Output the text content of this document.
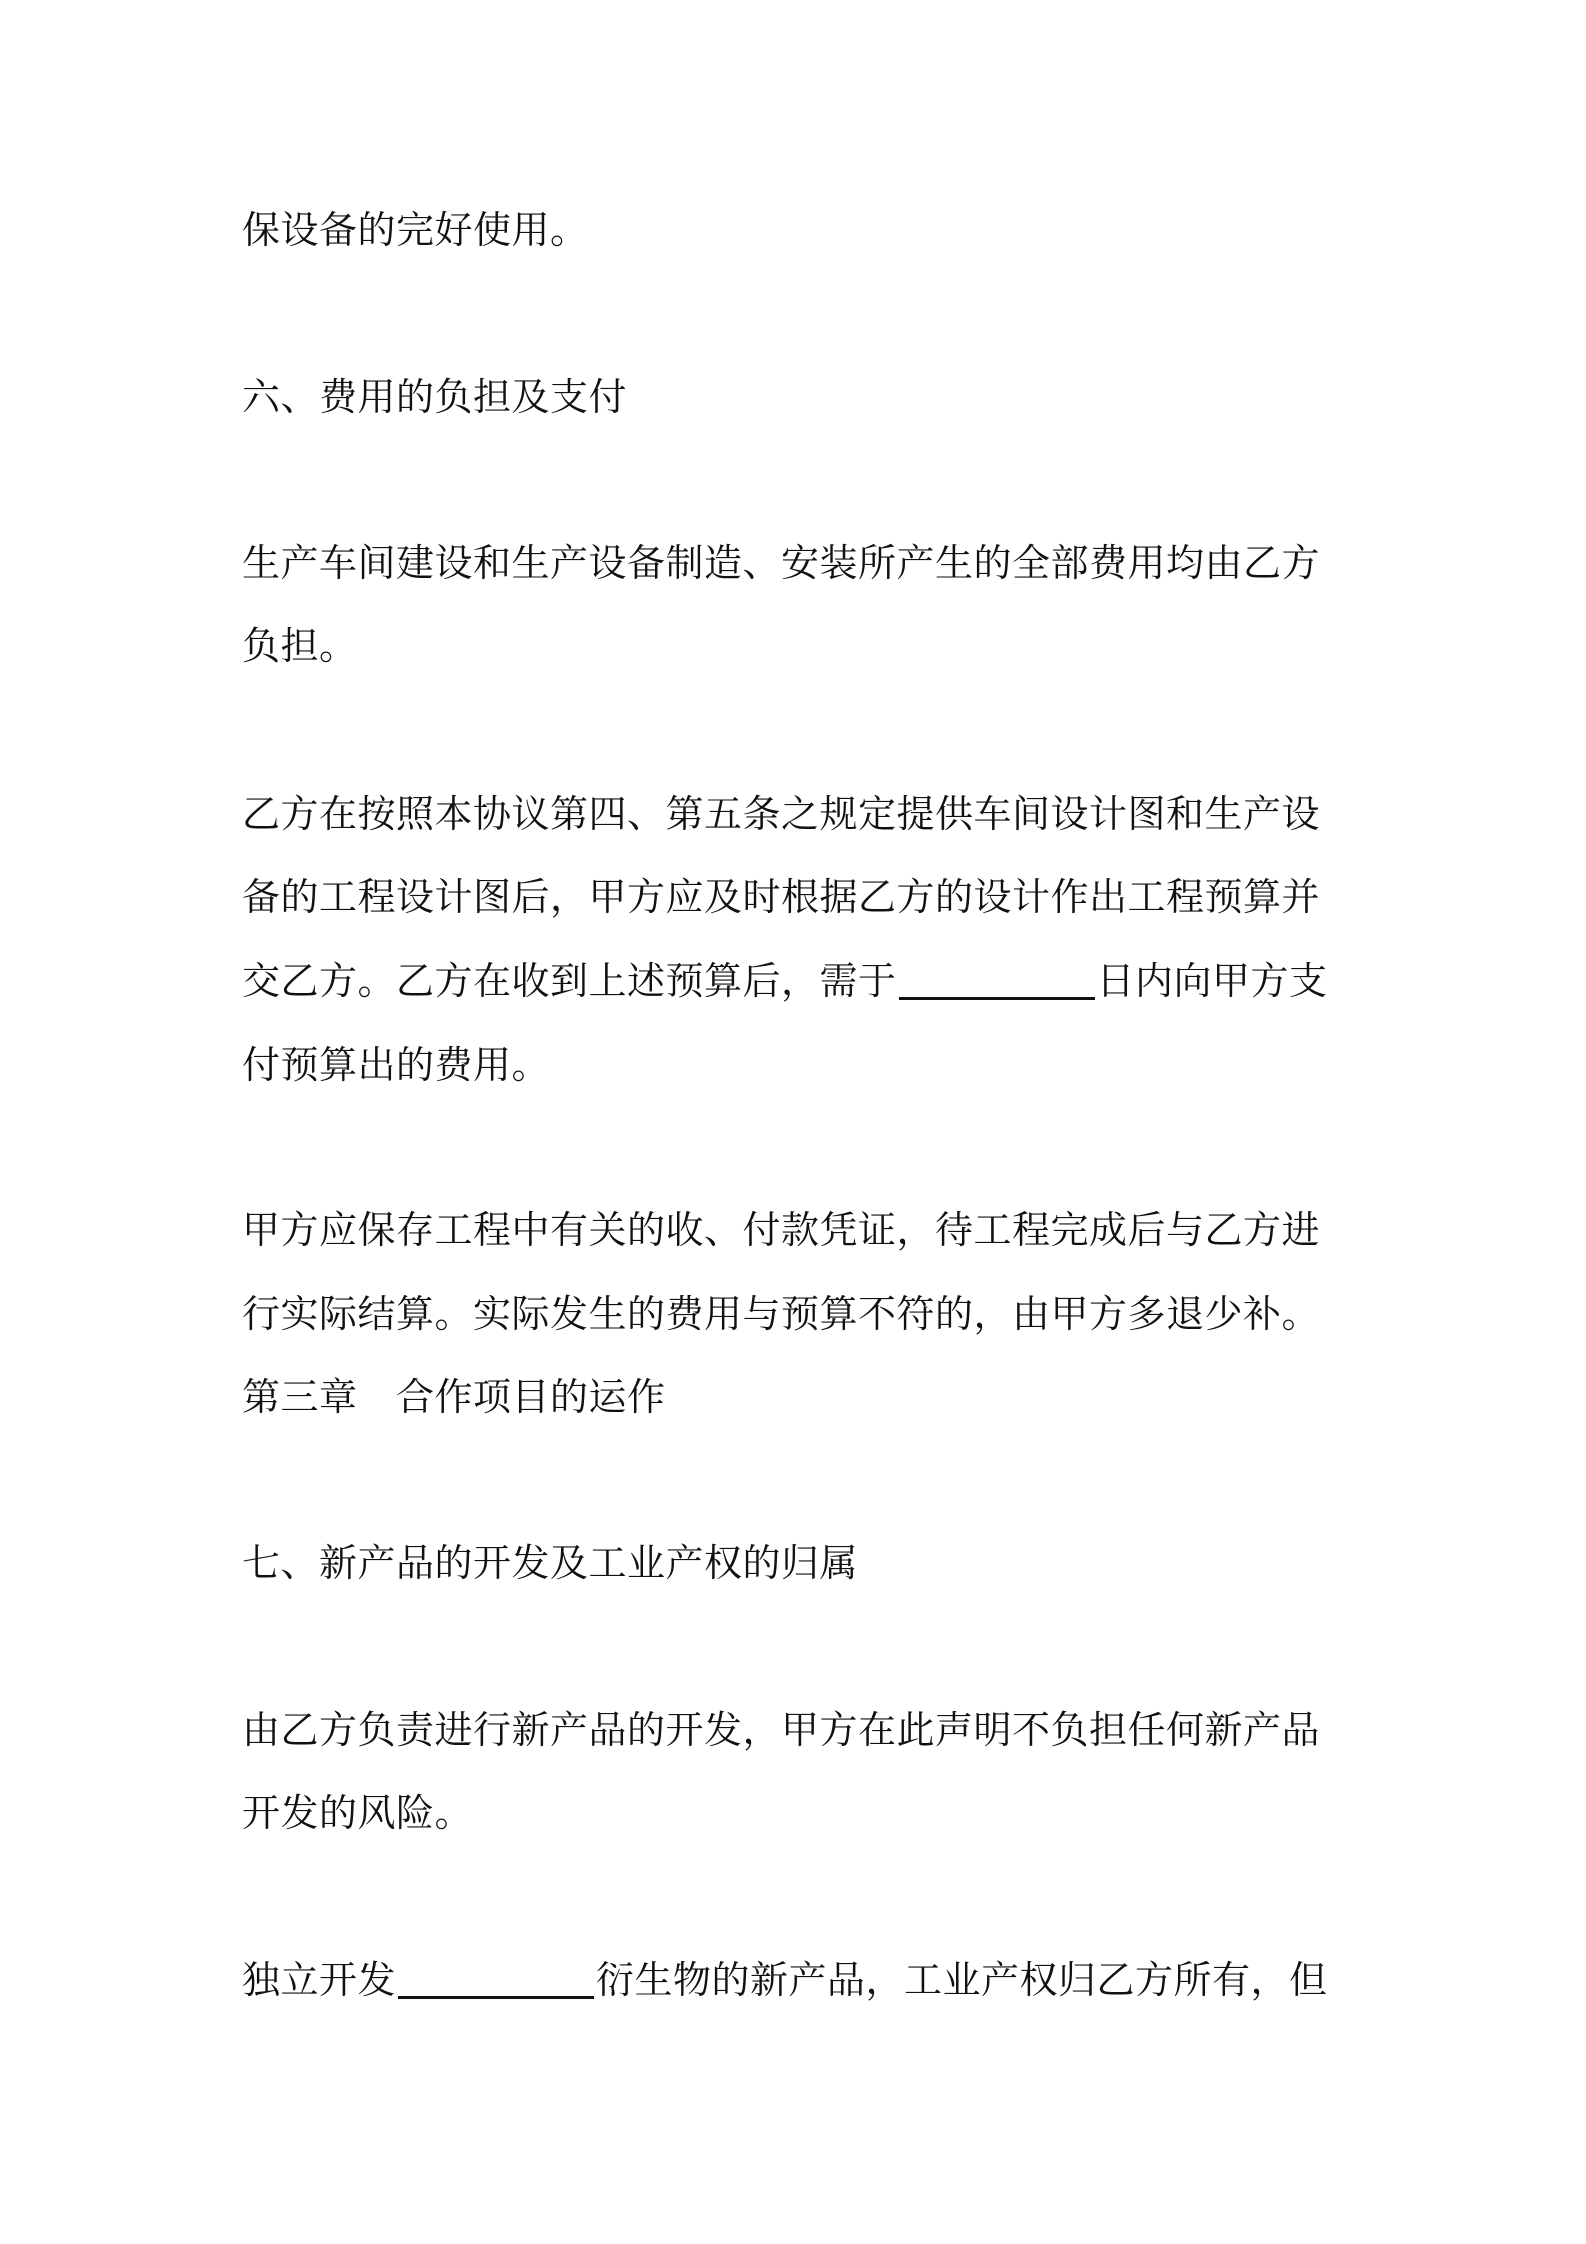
保设备的完好使用。
六、费用的负担及支付
生产车间建设和生产设备制造、安装所产生的全部费用均由乙方
负担。
乙方在按照本协议第四、第五条之规定提供车间设计图和生产设
备的工程设计图后，甲方应及时根据乙方的设计作出工程预算并
交乙方。乙方在收到上述预算后，需于	日内向甲方支
付预算出的费用。
甲方应保存工程中有关的收、付款凭证，待工程完成后与乙方进
行实际结算。实际发生的费用与预算不符的，由甲方多退少补。
第三章　合作项目的运作
七、新产品的开发及工业产权的归属
由乙方负责进行新产品的开发，甲方在此声明不负担任何新产品
开发的风险。
独立开发	衍生物的新产品，工业产权归乙方所有，但
